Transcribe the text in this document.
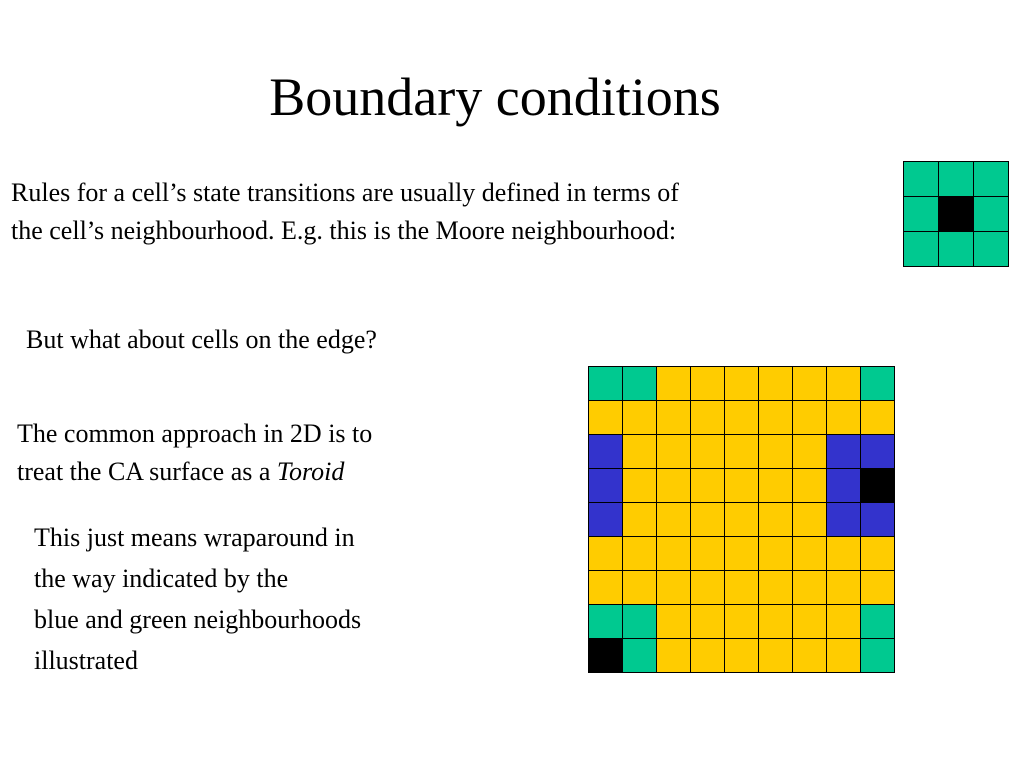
Boundary conditions

Rules for a cell’s state transitions are usually defined in terms of
the cell’s neighbourhood. E.g. this is the Moore neighbourhood:

But what about cells on the edge?

The common approach in 2D is to
treat the CA surface as a Toroid

This just means wraparound in
the way indicated by the
blue and green neighbourhoods
illustrated
